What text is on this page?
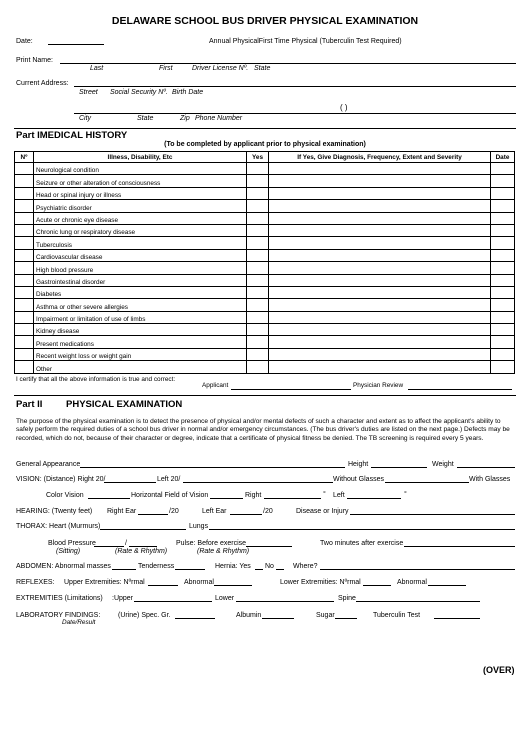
DELAWARE SCHOOL BUS DRIVER PHYSICAL EXAMINATION
Date:	Annual PhysicalFirst Time Physical (Tuberculin Test Required)
Print Name:
Last	First	Driver License Nº. State
Current Address:
Street Social Security Nº. Birth Date
( )
City	State	Zip Phone Number
Part IMEDICAL HISTORY
(To be completed by applicant prior to physical examination)
Nº	Illness, Disability, Etc	Yes	If Yes, Give Diagnosis, Frequency, Extent and Severity	Date
	Neurological condition			
	Seizure or other alteration of consciousness			
	Head or spinal injury or illness			
	Psychiatric disorder			
	Acute or chronic eye disease			
	Chronic lung or respiratory disease			
	Tuberculosis			
	Cardiovascular disease			
	High blood pressure			
	Gastrointestinal disorder			
	Diabetes			
	Asthma or other severe allergies			
	Impairment or limitation of use of limbs			
	Kidney disease			
	Present medications			
	Recent weight loss or weight gain			
	Other			
I certify that all the above information is true and correct:
Applicant	Physician Review
Part II PHYSICAL EXAMINATION
The purpose of the physical examination is to detect the presence of physical and/or mental defects of such a character and extent as to affect the applicant's ability to safely perform the required duties of a school bus driver in normal and/or emergency circumstances. (The bus driver's duties are listed on the next page.) Defects may be recorded, which do not, because of their character or degree, indicate that a certificate of physical fitness be denied. The TB screening is required every 5 years.
General Appearance	Height	Weight
VISION: (Distance) Right 20/	Left 20/	Without Glasses	With Glasses
Color Vision	Horizontal Field of Vision	Right	° Left	°
HEARING: (Twenty feet) Right Ear	/20	Left Ear	/20	Disease or Injury
THORAX: Heart (Murmurs)	Lungs
Blood Pressure	/	Pulse: Before exercise	Two minutes after exercise
(Sitting)	(Rate & Rhythm)	(Rate & Rhythm)
ABDOMEN: Abnormal masses	Tenderness	Hernia: Yes No	Where?
REFLEXES: Upper Extremities: Nºrmal	Abnormal	Lower Extremities: Nºrmal	Abnormal
EXTREMITIES (Limitations) :Upper	Lower	Spine
LABORATORY FINDINGS:	(Urine) Spec. Gr.	Albumin	Sugar	Tuberculin Test
Date/Result
(OVER)
